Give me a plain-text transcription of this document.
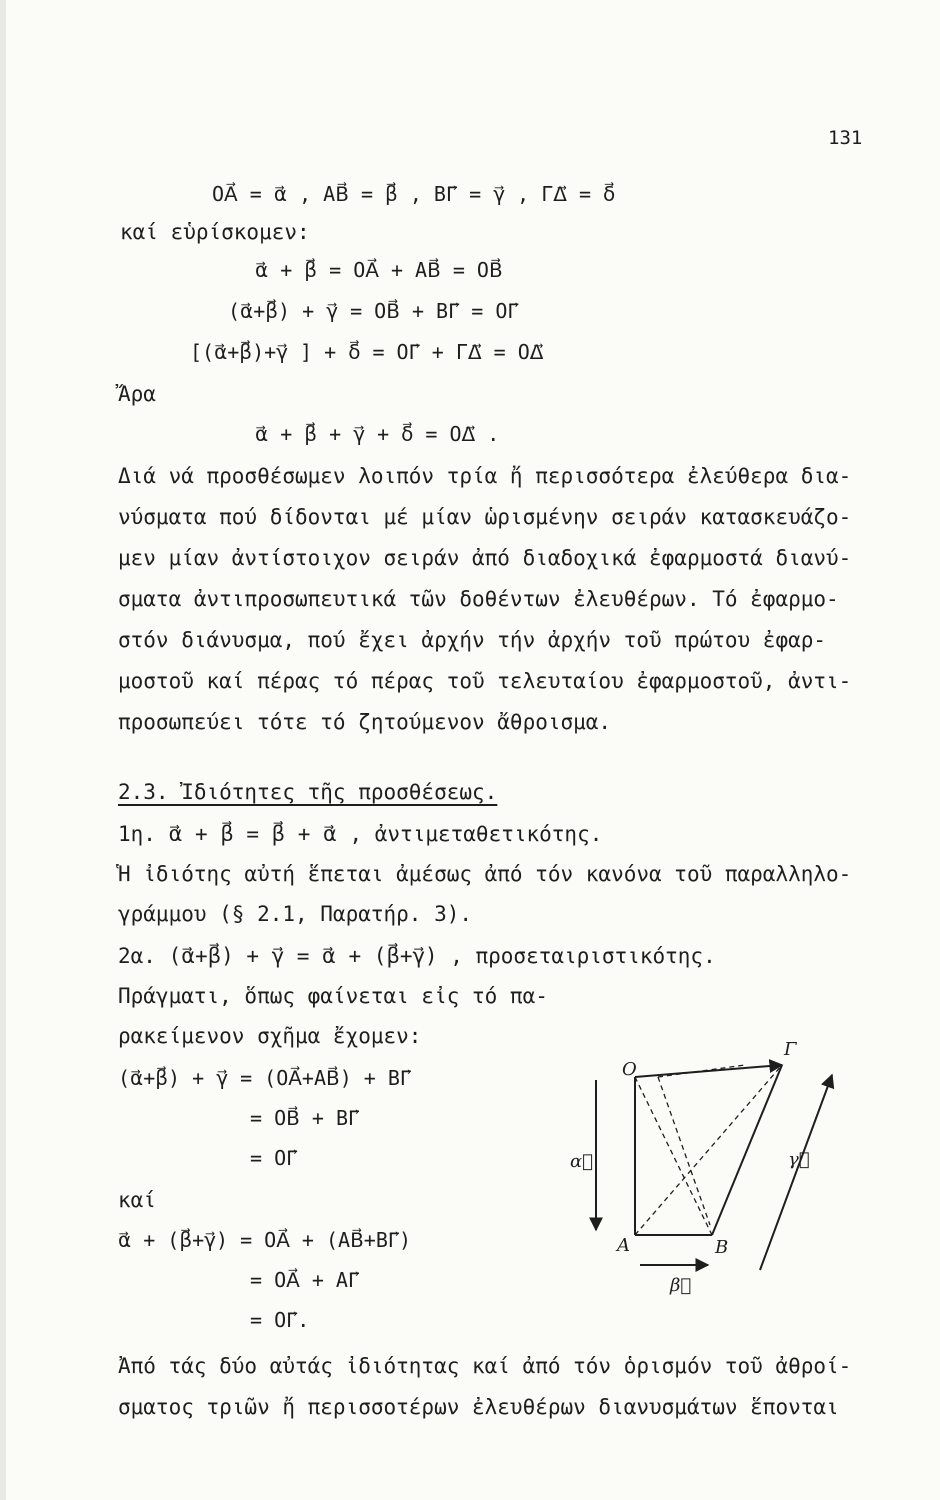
131
OA⃗ = α⃗ , AB⃗ = β⃗ , ΒΓ⃗ = γ⃗ , ΓΔ⃗ = δ⃗
καί εὑρίσκομεν:
α⃗ + β⃗ = OA⃗ + AB⃗ = OB⃗
(α⃗+β⃗) + γ⃗ = OB⃗ + BΓ⃗ = OΓ⃗
[(α⃗+β⃗)+γ⃗ ] + δ⃗ = OΓ⃗ + ΓΔ⃗ = OΔ⃗
Ἄρα
α⃗ + β⃗ + γ⃗ + δ⃗ = OΔ⃗ .
Διά νά προσθέσωμεν λοιπόν τρία ἤ περισσότερα ἐλεύθερα δια-
νύσματα πού δίδονται μέ μίαν ὡρισμένην σειράν κατασκευάζο-
μεν μίαν ἀντίστοιχον σειράν ἀπό διαδοχικά ἐφαρμοστά διανύ-
σματα ἀντιπροσωπευτικά τῶν δοθέντων ἐλευθέρων. Τό ἐφαρμο-
στόν διάνυσμα, πού ἔχει ἀρχήν τήν ἀρχήν τοῦ πρώτου ἐφαρ-
μοστοῦ καί πέρας τό πέρας τοῦ τελευταίου ἐφαρμοστοῦ, ἀντι-
προσωπεύει τότε τό ζητούμενον ἄθροισμα.
2.3. Ἰδιότητες τῆς προσθέσεως.
1η. α⃗ + β⃗ = β⃗ + α⃗ , ἀντιμεταθετικότης.
Ἡ ἰδιότης αὐτή ἕπεται ἀμέσως ἀπό τόν κανόνα τοῦ παραλληλο-
γράμμου (§ 2.1, Παρατήρ. 3).
2α. (α⃗+β⃗) + γ⃗ = α⃗ + (β⃗+γ⃗) , προσεταιριστικότης.
Πράγματι, ὅπως φαίνεται εἰς τό πα-
ρακείμενον σχῆμα ἔχομεν:
(α⃗+β⃗) + γ⃗ = (OA⃗+AB⃗) + BΓ⃗
= OB⃗ + BΓ⃗
= OΓ⃗
καί
α⃗ + (β⃗+γ⃗) = OA⃗ + (AB⃗+BΓ⃗)
= OA⃗ + AΓ⃗
= OΓ⃗.
Ἀπό τάς δύο αὐτάς ἰδιότητας καί ἀπό τόν ὁρισμόν τοῦ ἀθροί-
σματος τριῶν ἤ περισσοτέρων ἐλευθέρων διανυσμάτων ἕπονται
O
A	B
Γ
α⃗
β⃗
γ⃗
